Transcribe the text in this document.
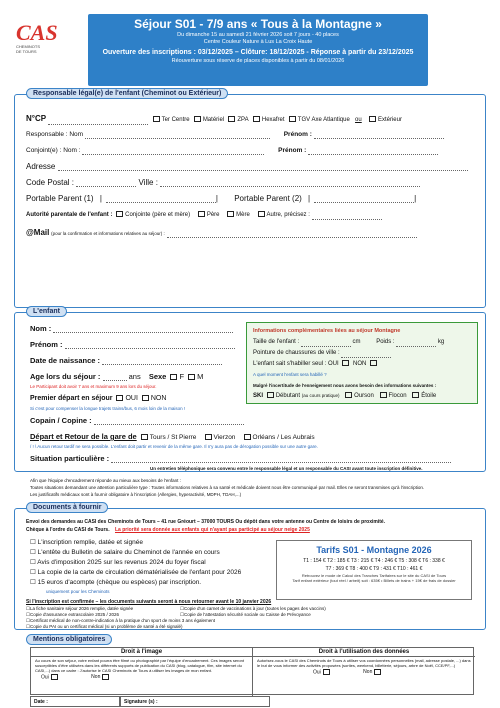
CAS
CHEMINOTS DE TOURS
Séjour S01 - 7/9 ans « Tous à la Montagne »
Du dimanche 15 au samedi 21 février 2026 soit 7 jours - 40 places
Centre Couleur Nature à Lus La Croix Haute
Ouverture des inscriptions : 03/12/2025 – Clôture: 18/12/2025 - Réponse à partir du 23/12/2025
Réouverture sous réserve de places disponibles à partir du 08/01/2026
Responsable légal(e) de l'enfant (Cheminot ou Extérieur)
N°CP	Ter Centre Matériel ZPA Hexafret TGV Axe Atlantique ou	Extérieur
Responsable : Nom	Prénom :
Conjoint(e) : Nom :	Prénom :
Adresse
Code Postal :	Ville :
Portable Parent (1) |	| Portable Parent (2) |	|
Autorité parentale de l'enfant : Conjointe (père et mère)	Père	Mère	Autre, précisez :
@Mail (pour la confirmation et informations relatives au séjour) :
L'enfant
Nom :
Prénom :
Date de naissance :
Age lors du séjour :	ans Sexe F M
Le Participant doit avoir 7 ans et maximum 9 ans lors du séjour.
Premier départ en séjour OUI NON
Si c'est pour compenser la longue trajets trains/bus, 6 mois loin de la maison !
Copain / Copine :
Départ et Retour de la gare de Tours / St Pierre	Vierzon	Orléans / Les Aubrais
/ ! \ Aucun retour tardif ne sera possible. L'enfant doit partir et revenir de la même gare. Il n'y aura pas de dérogation possible sur une autre gare.
Situation particulière :
Un entretien téléphonique sera convenu entre le responsable légal et un responsable du CASI avant toute inscription définitive.
Afin que l'équipe d'encadrement réponde au mieux aux besoins de l'enfant :
Toutes situations demandant une attention particulière type : Toutes informations relatives à sa santé et médicale doivent nous être communiqué par mail. Elles ne seront transmises qu'à l'inscription.
Les justificatifs médicaux sont à fournir obligatoire à l'inscription (Allergies, hyperactivité, MDPH, TDAH,...)
Informations complémentaires liées au séjour Montagne
Taille de l'enfant :	cm	Poids :	kg
Pointure de chaussures de ville :
L'enfant sait s'habiller seul : OUI NON
A quel moment l'enfant sera habillé ?
Malgré l'incertitude de l'enneigement nous avons besoin des informations suivantes :
SKI Débutant (au cours pratique) Ourson Flocon Étoile
Documents à fournir
Envoi des demandes au CASI des Cheminots de Tours – 41 rue Gréourt – 37000 TOURS Ou dépôt dans votre antenne ou Centre de loisirs de proximité.
Chèque à l'ordre du CASI de Tours. La priorité sera donnée aux enfants qui n'ayant pas participé au séjour neige 2025
☐ L'inscription remplie, datée et signée
☐ L'entête du Bulletin de salaire du Cheminot de l'année en cours
☐ Avis d'imposition 2025 sur les revenus 2024 du foyer fiscal
☐ La copie de la carte de circulation dématérialisée de l'enfant pour 2026
☐ 15 euros d'acompte (chèque ou espèces) par inscription.
uniquement pour les Cheminots
Si l'inscription est confirmée – les documents suivants seront à nous retourner avant le 10 janvier 2026
☐La fiche sanitaire séjour 2026 remplie, datée signée
☐Copie d'assurance extrascolaire 2025 / 2026
☐Certificat médical de non-contre-indication à la pratique d'un sport de moins 3 ans également
☐Copie du PAI ou un certificat médical (si un problème de santé a été signalé)
☐Copie d'un carnet de vaccinations à jour (toutes les pages des vaccins)
☐Copie de l'attestation sécurité sociale ou Caisse de Prévoyance
Tarifs S01 - Montagne 2026
T1 : 154 € T2 : 185 € T3 : 215 € T4 : 246 € T5 : 308 € T6 : 338 €
T7 : 369 € T8 : 400 € T9 : 431 € T10 : 461 €
Retrouvez le mode de Calcul des Tranches Tarifaires sur le site du CASI de Tours
Tarif enfant extérieur (tout réel / arbeit) soit : 635€ • Billets de trains + 15€ de frais de dossier
Mentions obligatoires
Droit à l'image
Au cours de son séjour, votre enfant pourra être filmé ou photographié par l'équipe d'encadrement. Ces images seront susceptibles d'être utilisées dans les différents supports de publication du CASI (blog, catalogue, film, site internet du CASI,...) dans ce cadre : J'autorise le CASI Cheminots de Tours à utiliser les images de mon enfant.
Oui	Non
Droit à l'utilisation des données
Autorisez-vous le CASI des Cheminots de Tours à utiliser vos coordonnées personnelles (mail, adresse postale, ...) dans le but de vous informer des activités proposées (sorties, weekend, billetterie, séjours, arbre de Noël, CCE/PF,...)
Oui	Non
Date :	Signature (s) :
